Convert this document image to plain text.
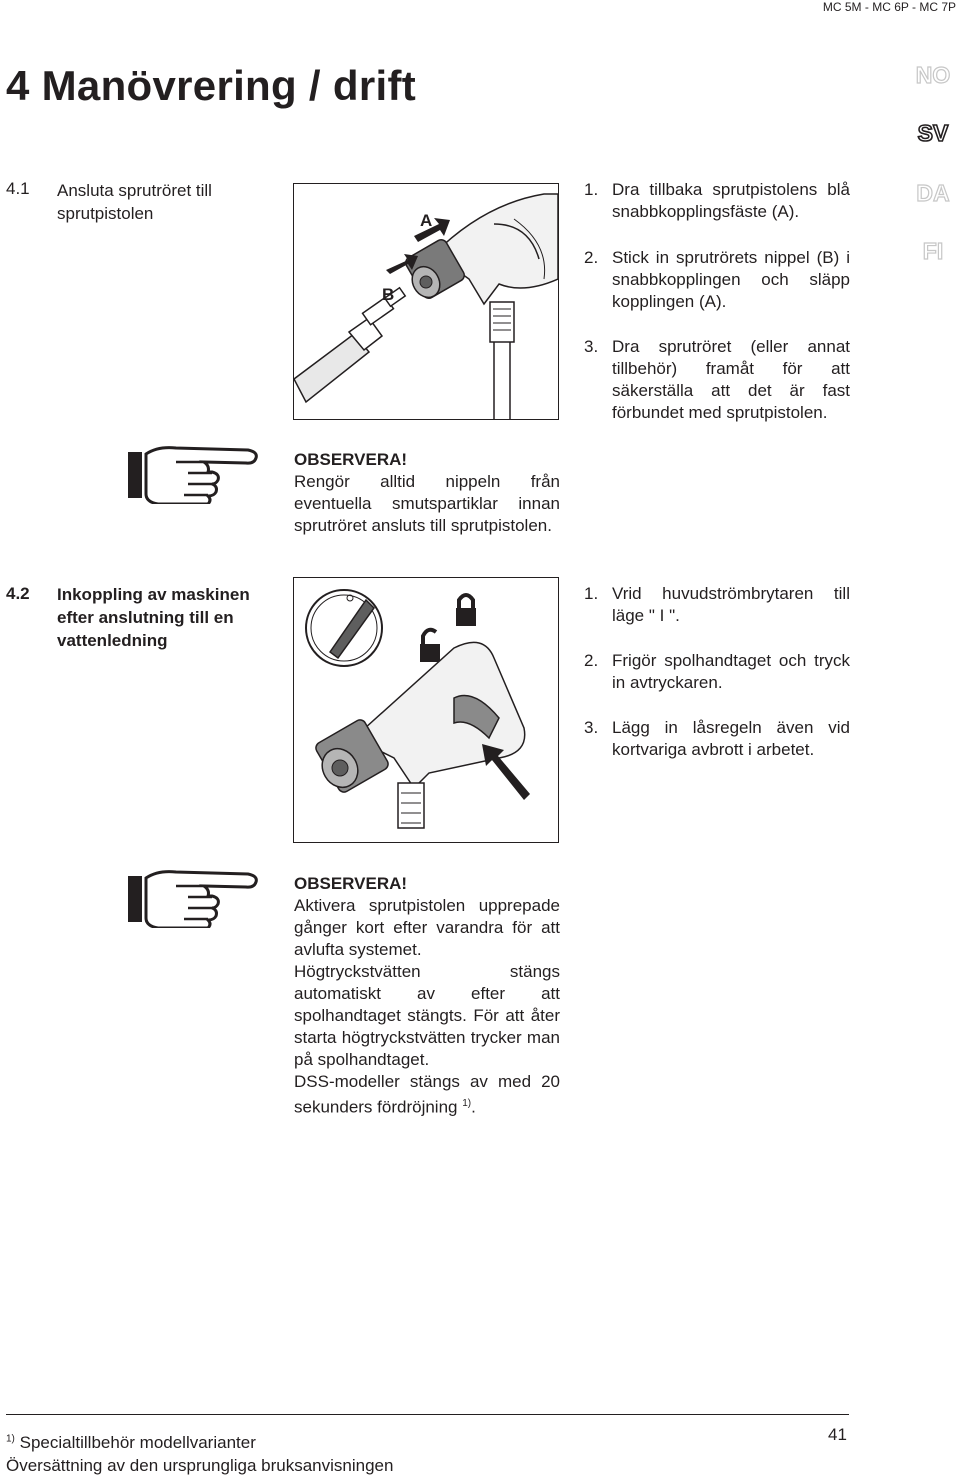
MC 5M - MC 6P - MC 7P
4 Manövrering / drift	NO
SV
DA
FI
4.1 Ansluta sprutröret till
sprutpistolen	A
B
1. Dra tillbaka sprutpistolens blå snabbkopplingsfäste (A).
2. Stick in sprutrörets nippel (B) i snabbkopplingen och släpp kopplingen (A).
3. Dra sprutröret (eller annat tillbehör) framåt för att säkerställa att det är fast förbundet med sprutpistolen.
OBSERVERA!
Rengör alltid nippeln från eventuella smutspartiklar innan sprutröret ansluts till sprutpistolen.
4.2 Inkoppling av maskinen
efter anslutning till en
vattenledning
1. Vrid huvudströmbrytaren till läge " I ".
2. Frigör spolhandtaget och tryck in avtryckaren.
3. Lägg in låsregeln även vid kortvariga avbrott i arbetet.
OBSERVERA!
Aktivera sprutpistolen upprepade gånger kort efter varandra för att avlufta systemet.
Högtryckstvätten stängs automatiskt av efter att spolhandtaget stängts. För att åter starta högtryckstvätten trycker man på spolhandtaget.
DSS-modeller stängs av med 20 sekunders fördröjning $^{1)}$.
41
$^{1)}$ Specialtillbehör modellvarianter
Översättning av den ursprungliga bruksanvisningen
